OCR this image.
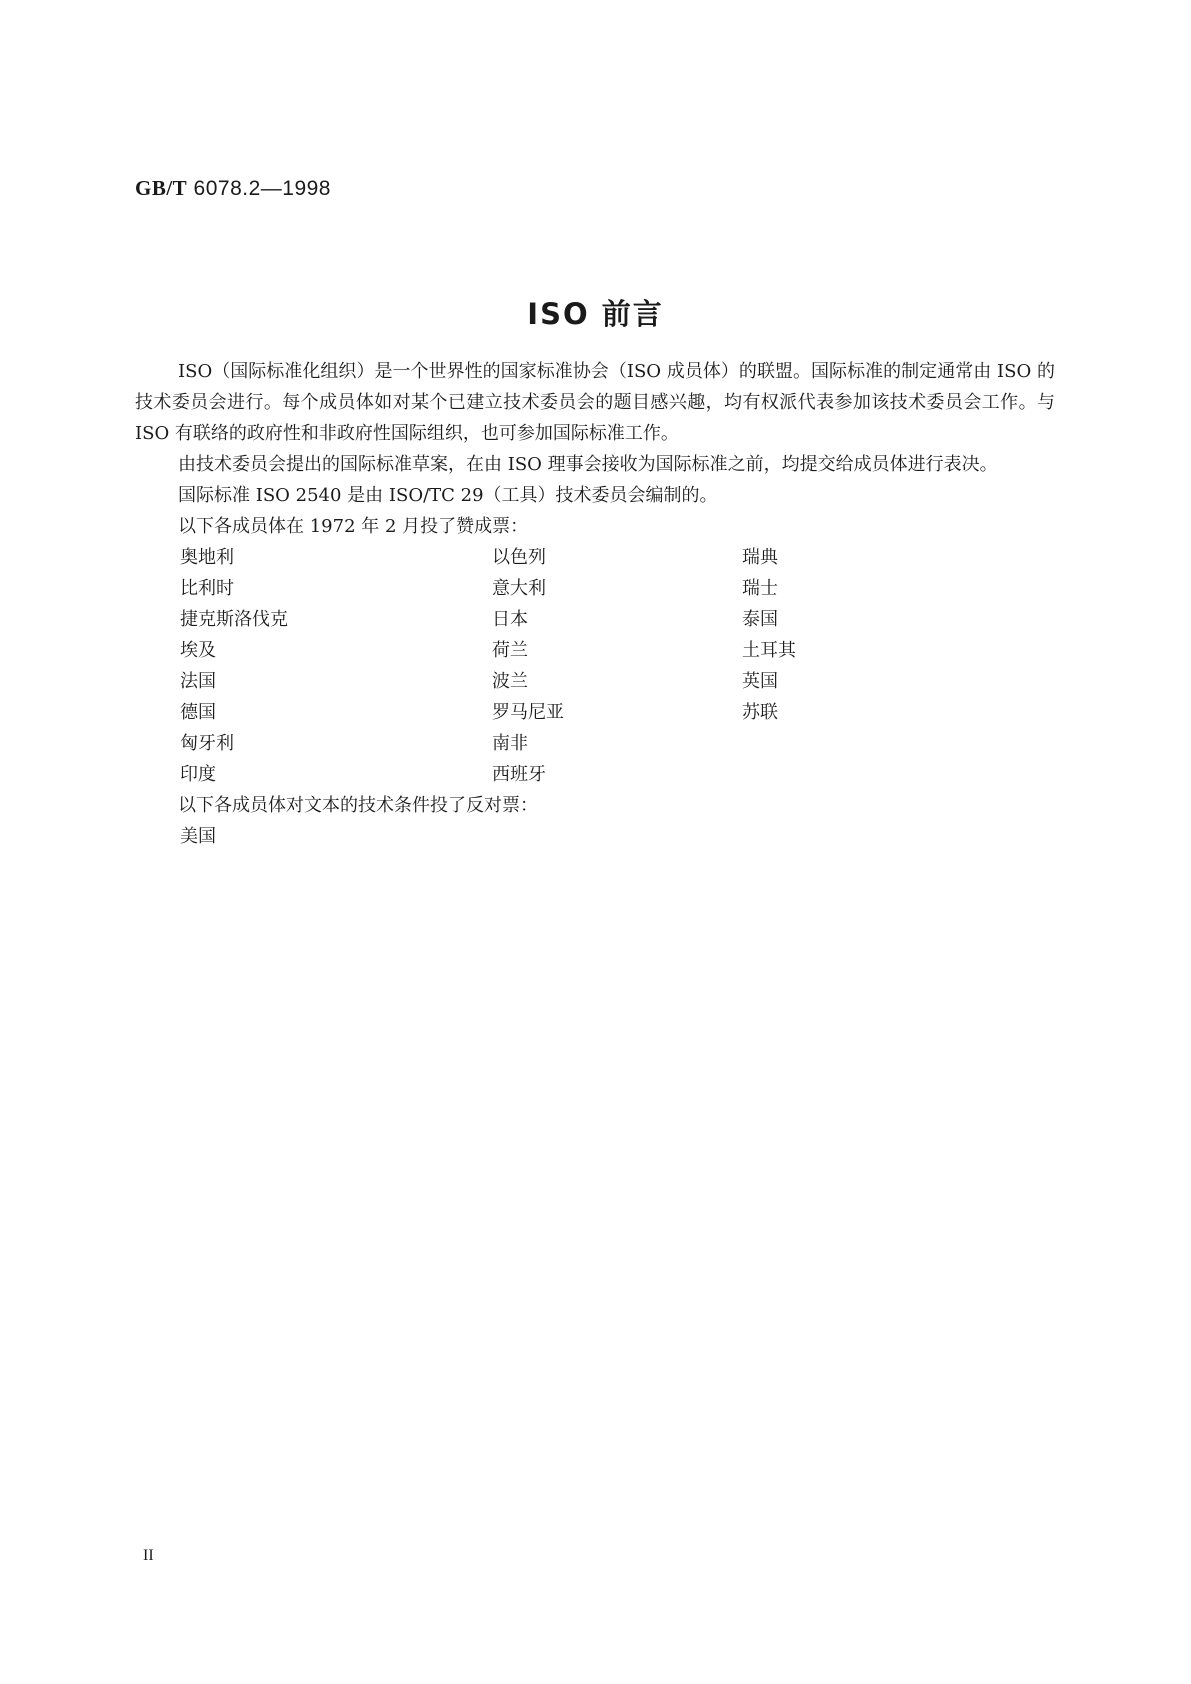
GB/T 6078.2—1998
ISO 前言

ISO（国际标准化组织）是一个世界性的国家标准协会（ISO 成员体）的联盟。国际标准的制定通常由 ISO 的技术委员会进行。每个成员体如对某个已建立技术委员会的题目感兴趣，均有权派代表参加该技术委员会工作。与 ISO 有联络的政府性和非政府性国际组织，也可参加国际标准工作。

由技术委员会提出的国际标准草案，在由 ISO 理事会接收为国际标准之前，均提交给成员体进行表决。

国际标准 ISO 2540 是由 ISO/TC 29（工具）技术委员会编制的。

以下各成员体在 1972 年 2 月投了赞成票：

奥地利	以色列	瑞典
比利时	意大利	瑞士
捷克斯洛伐克	日本	泰国
埃及	荷兰	土耳其
法国	波兰	英国
德国	罗马尼亚	苏联
匈牙利	南非
印度	西班牙

以下各成员体对文本的技术条件投了反对票：

美国
II
